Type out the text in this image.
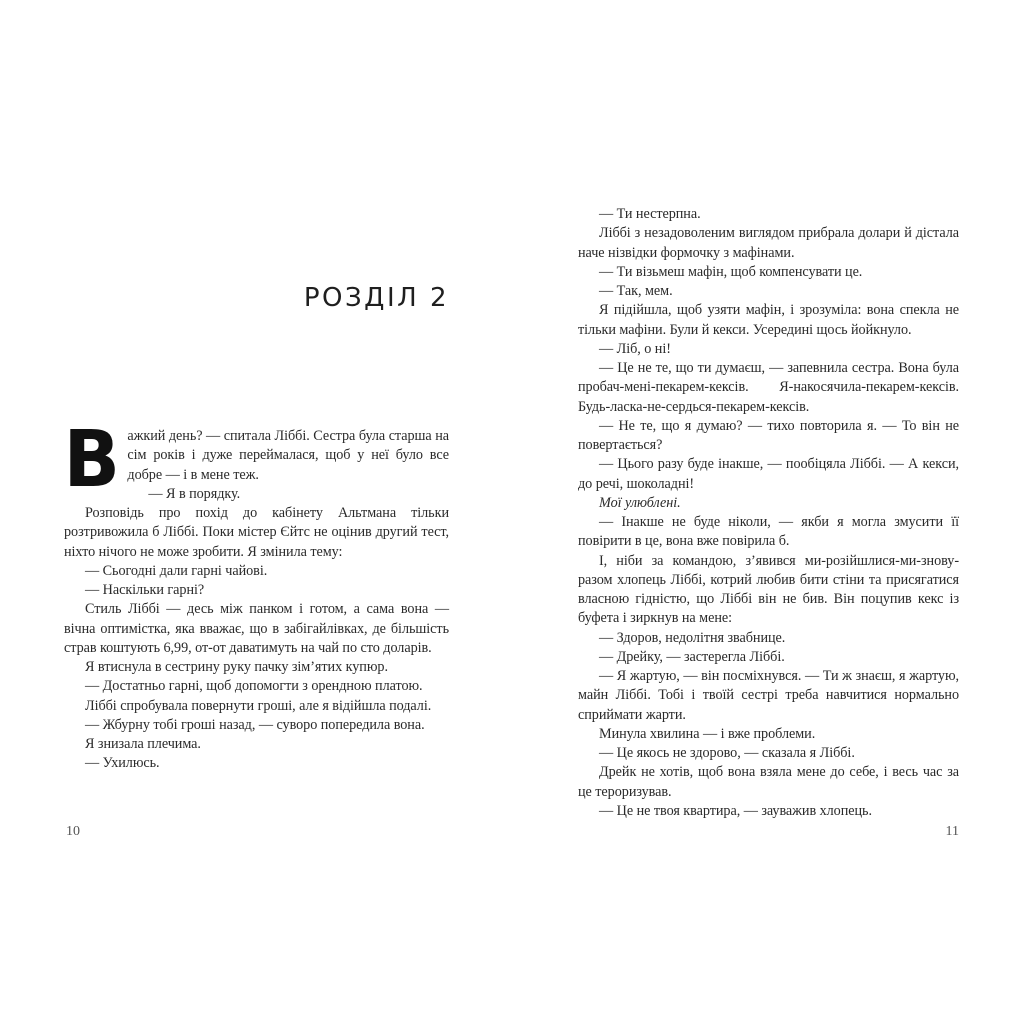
РОЗДІЛ 2

Важкий день? — спитала Ліббі. Сестра була старша на сім років і дуже переймалася, щоб у неї було все добре — і в мене теж.

— Я в порядку.

Розповідь про похід до кабінету Альтмана тільки розтривожила б Ліббі. Поки містер Єйтс не оцінив другий тест, ніхто нічого не може зробити. Я змінила тему:

— Сьогодні дали гарні чайові.

— Наскільки гарні?

Стиль Ліббі — десь між панком і готом, а сама вона — вічна оптимістка, яка вважає, що в забігайлівках, де більшість страв коштують 6,99, от-от даватимуть на чай по сто доларів.

Я втиснула в сестрину руку пачку зім’ятих купюр.

— Достатньо гарні, щоб допомогти з орендною платою.

Ліббі спробувала повернути гроші, але я відійшла подалі.

— Жбурну тобі гроші назад, — суворо попередила вона.

Я знизала плечима.

— Ухилюсь.

10

— Ти нестерпна.

Ліббі з незадоволеним виглядом прибрала долари й дістала наче нізвідки формочку з мафінами.

— Ти візьмеш мафін, щоб компенсувати це.

— Так, мем.

Я підійшла, щоб узяти мафін, і зрозуміла: вона спекла не тільки мафіни. Були й кекси. Усередині щось йойкнуло.

— Ліб, о ні!

— Це не те, що ти думаєш, — запевнила сестра. Вона була пробач-мені-пекарем-кексів. Я-накосячила-пекарем-кексів. Будь-ласка-не-сердься-пекарем-кексів.

— Не те, що я думаю? — тихо повторила я. — То він не повертається?

— Цього разу буде інакше, — пообіцяла Ліббі. — А кекси, до речі, шоколадні!

Мої улюблені.

— Інакше не буде ніколи, — якби я могла змусити її повірити в це, вона вже повірила б.

І, ніби за командою, з’явився ми-розійшлися-ми-знову-разом хлопець Ліббі, котрий любив бити стіни та присягатися власною гідністю, що Ліббі він не бив. Він поцупив кекс із буфета і зиркнув на мене:

— Здоров, недолітня звабнице.

— Дрейку, — застерегла Ліббі.

— Я жартую, — він посміхнувся. — Ти ж знаєш, я жартую, майн Ліббі. Тобі і твоїй сестрі треба навчитися нормально сприймати жарти.

Минула хвилина — і вже проблеми.

— Це якось не здорово, — сказала я Ліббі.

Дрейк не хотів, щоб вона взяла мене до себе, і весь час за це тероризував.

— Це не твоя квартира, — зауважив хлопець.

11
